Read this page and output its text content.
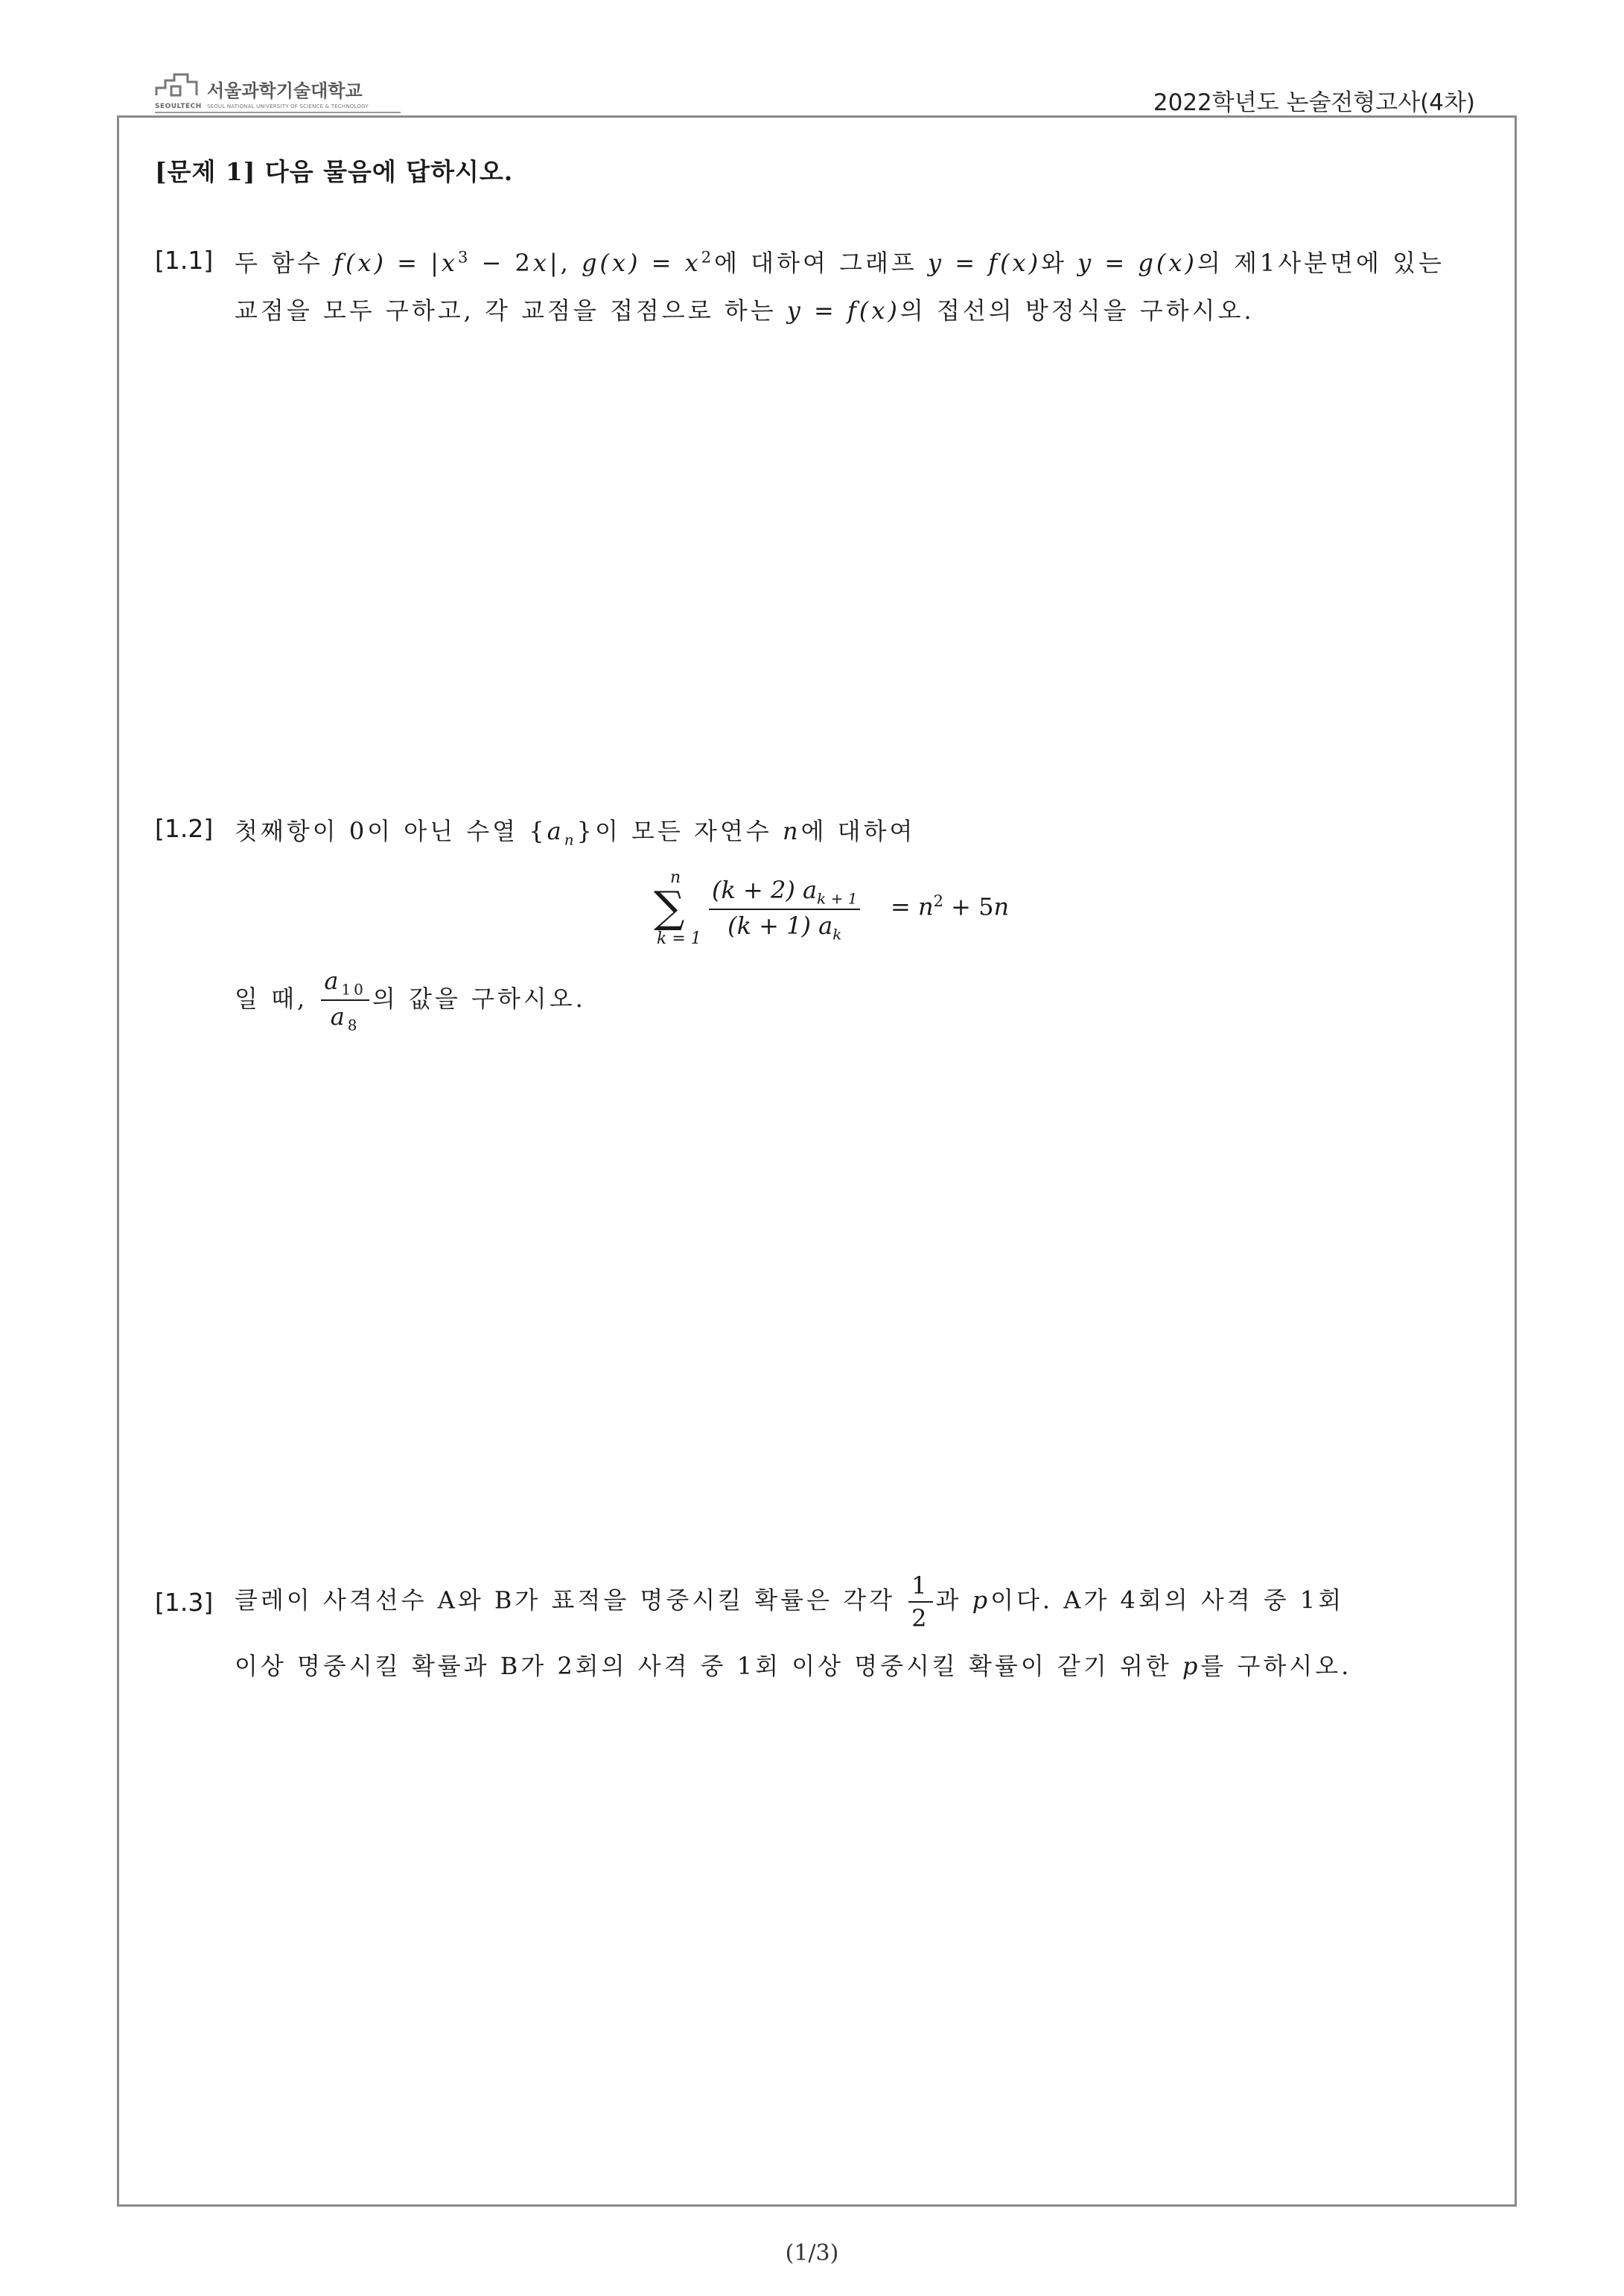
서울과학기술대학교
SEOULTECH SEOUL NATIONAL UNIVERSITY OF SCIENCE & TECHNOLOGY	2022학년도 논술전형고사(4차)
[문제 1] 다음 물음에 답하시오.
[1.1] 두 함수 $f(x) = |x^3 - 2x|$, $g(x) = x^2$에 대하여 그래프 y = f(x)와 y = g(x)의 제1사분면에 있는
교점을 모두 구하고, 각 교점을 접점으로 하는 y = f(x)의 접선의 방정식을 구하시오.
[1.2] 첫째항이 0이 아닌 수열 $\{a_n\}$이 모든 자연수 n에 대하여
∑
n
$k = 1 \frac{(k + 2) a_{k + 1}}{(k + 1) a_k} = n^2 + 5n$
일 때, $\frac{a_{10}}{a_8}$ 의 값을 구하시오.
[1.3] 클레이 사격선수 A와 B가 표적을 명중시킬 확률은 각각 $\frac{1}{2}$ 과 p이다. A가 4회의 사격 중 1회
이상 명중시킬 확률과 B가 2회의 사격 중 1회 이상 명중시킬 확률이 같기 위한 p를 구하시오.
(1/3)
